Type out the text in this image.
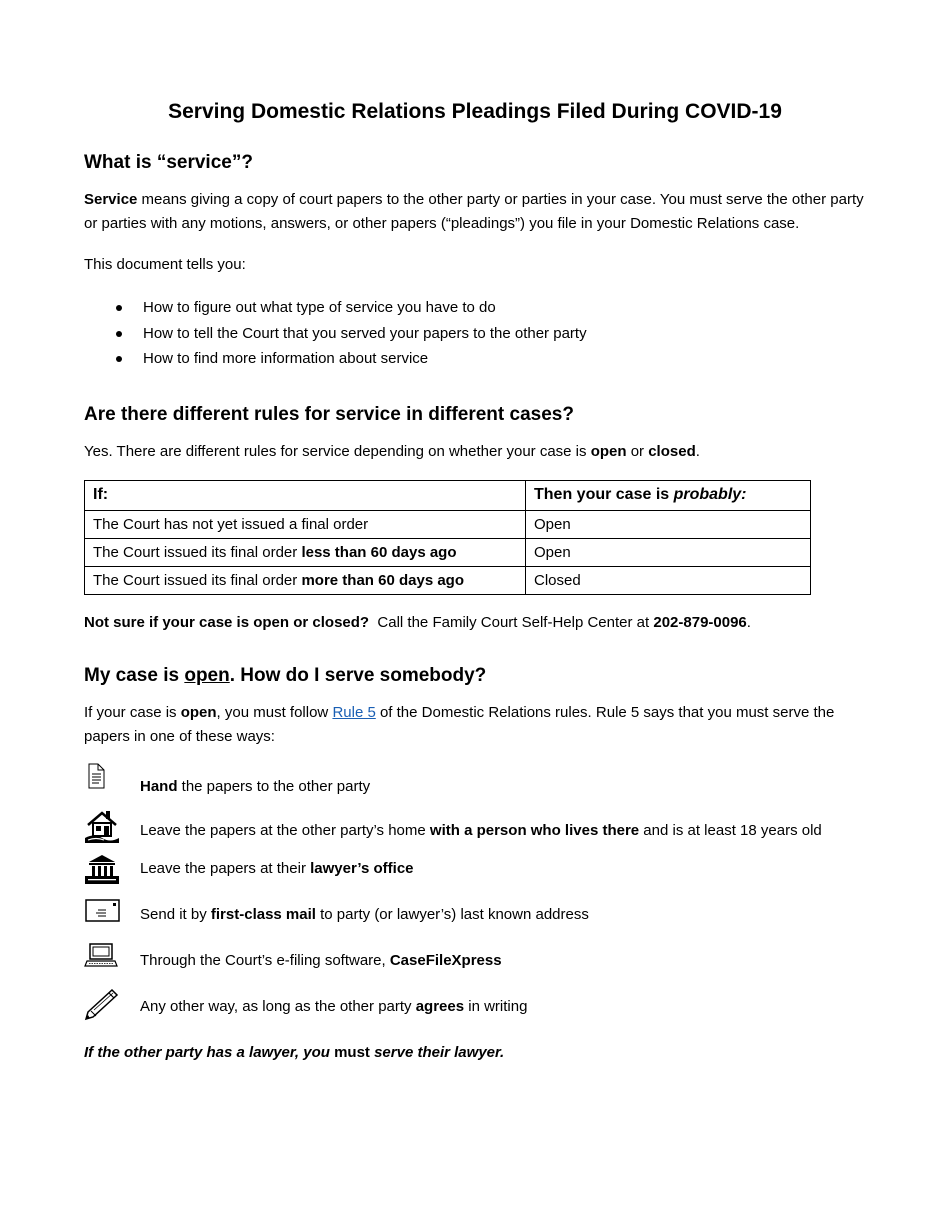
Serving Domestic Relations Pleadings Filed During COVID-19
What is “service”?

Service means giving a copy of court papers to the other party or parties in your case. You must serve the other party or parties with any motions, answers, or other papers (“pleadings”) you file in your Domestic Relations case.

This document tells you:

How to figure out what type of service you have to do
How to tell the Court that you served your papers to the other party
How to find more information about service
Are there different rules for service in different cases?

Yes. There are different rules for service depending on whether your case is open or closed.

If:	Then your case is probably:
The Court has not yet issued a final order	Open
The Court issued its final order less than 60 days ago	Open
The Court issued its final order more than 60 days ago	Closed

Not sure if your case is open or closed?  Call the Family Court Self-Help Center at 202-879-0096.

My case is open. How do I serve somebody?

If your case is open, you must follow Rule 5 of the Domestic Relations rules. Rule 5 says that you must serve the papers in one of these ways:

Hand the papers to the other party
Leave the papers at the other party’s home with a person who lives there and is at least 18 years old
Leave the papers at their lawyer’s office
Send it by first-class mail to party (or lawyer’s) last known address
Through the Court’s e-filing software, CaseFileXpress
Any other way, as long as the other party agrees in writing

If the other party has a lawyer, you must serve their lawyer.
